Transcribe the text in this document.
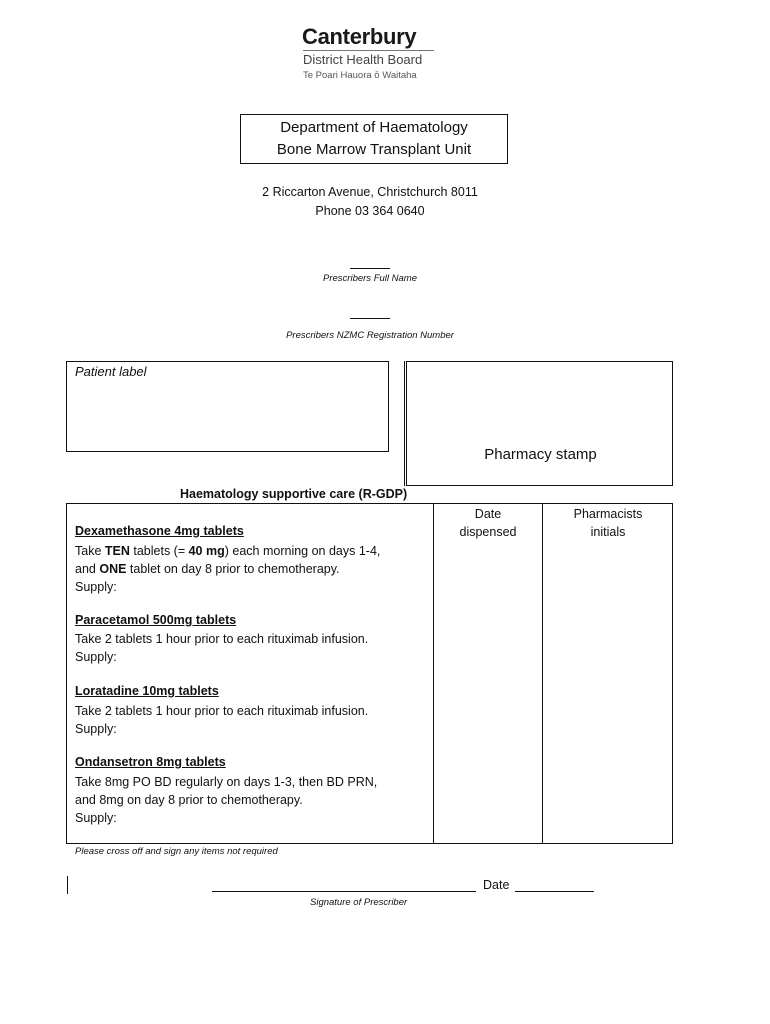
Canterbury
District Health Board
Te Poari Hauora ō Waitaha
Department of Haematology
Bone Marrow Transplant Unit
2 Riccarton Avenue, Christchurch 8011
Phone 03 364 0640
Prescribers Full Name
Prescribers NZMC Registration Number
Patient label
Pharmacy stamp
Haematology supportive care (R-GDP)
Date
dispensed
Pharmacists
initials
Dexamethasone 4mg tablets
Take TEN tablets (= 40 mg) each morning on days 1-4,
and ONE tablet on day 8 prior to chemotherapy.
Supply:
Paracetamol 500mg tablets
Take 2 tablets 1 hour prior to each rituximab infusion.
Supply:
Loratadine 10mg tablets
Take 2 tablets 1 hour prior to each rituximab infusion.
Supply:
Ondansetron 8mg tablets
Take 8mg PO BD regularly on days 1-3, then BD PRN,
and 8mg on day 8 prior to chemotherapy.
Supply:
Please cross off and sign any items not required
Date
Signature of Prescriber
